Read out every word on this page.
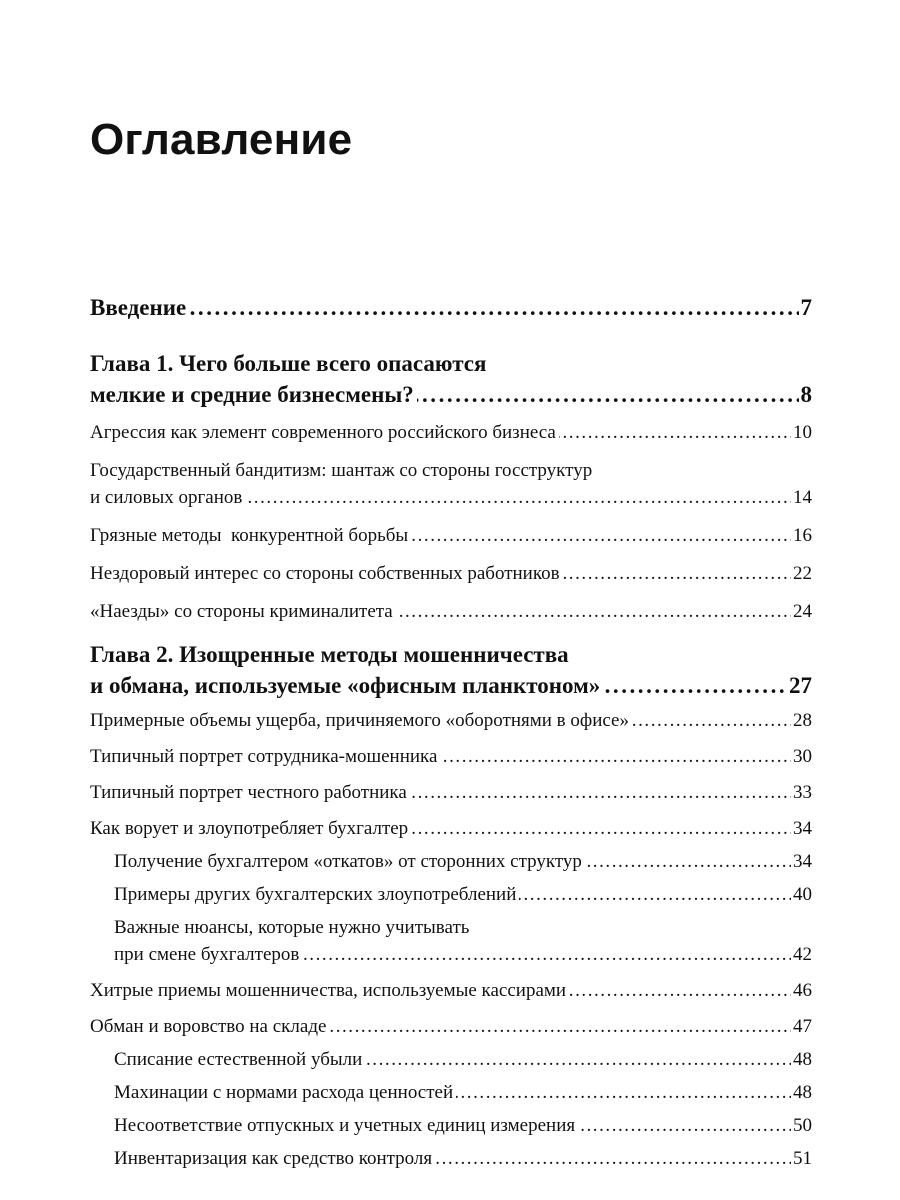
Оглавление
. . .
Введение	7
Глава 1. Чего больше всего опасаются
. . .
мелкие и средние бизнесмены?	8
. . .
Агрессия как элемент современного российского бизнеса	10
Государственный бандитизм: шантаж со стороны госструктур
. . .
и силовых органов	14
. . .
Грязные методы  конкурентной борьбы	16
. . .
Нездоровый интерес со стороны собственных работников	22
. . .
«Наезды» со стороны криминалитета	24
Глава 2. Изощренные методы мошенничества
. . .
и обмана, используемые «офисным планктоном»	27
. . .
Примерные объемы ущерба, причиняемого «оборотнями в офисе»	28
. . .
Типичный портрет сотрудника-мошенника	30
. . .
Типичный портрет честного работника	33
. . .
Как ворует и злоупотребляет бухгалтер	34
. . .
Получение бухгалтером «откатов» от сторонних структур	34
. . .
Примеры других бухгалтерских злоупотреблений	40
Важные нюансы, которые нужно учитывать
. . .
при смене бухгалтеров	42
. . .
Хитрые приемы мошенничества, используемые кассирами	46
. . .
Обман и воровство на складе	47
. . .
Списание естественной убыли	48
. . .
Махинации с нормами расхода ценностей	48
. . .
Несоответствие отпускных и учетных единиц измерения	50
. . .
Инвентаризация как средство контроля	51
